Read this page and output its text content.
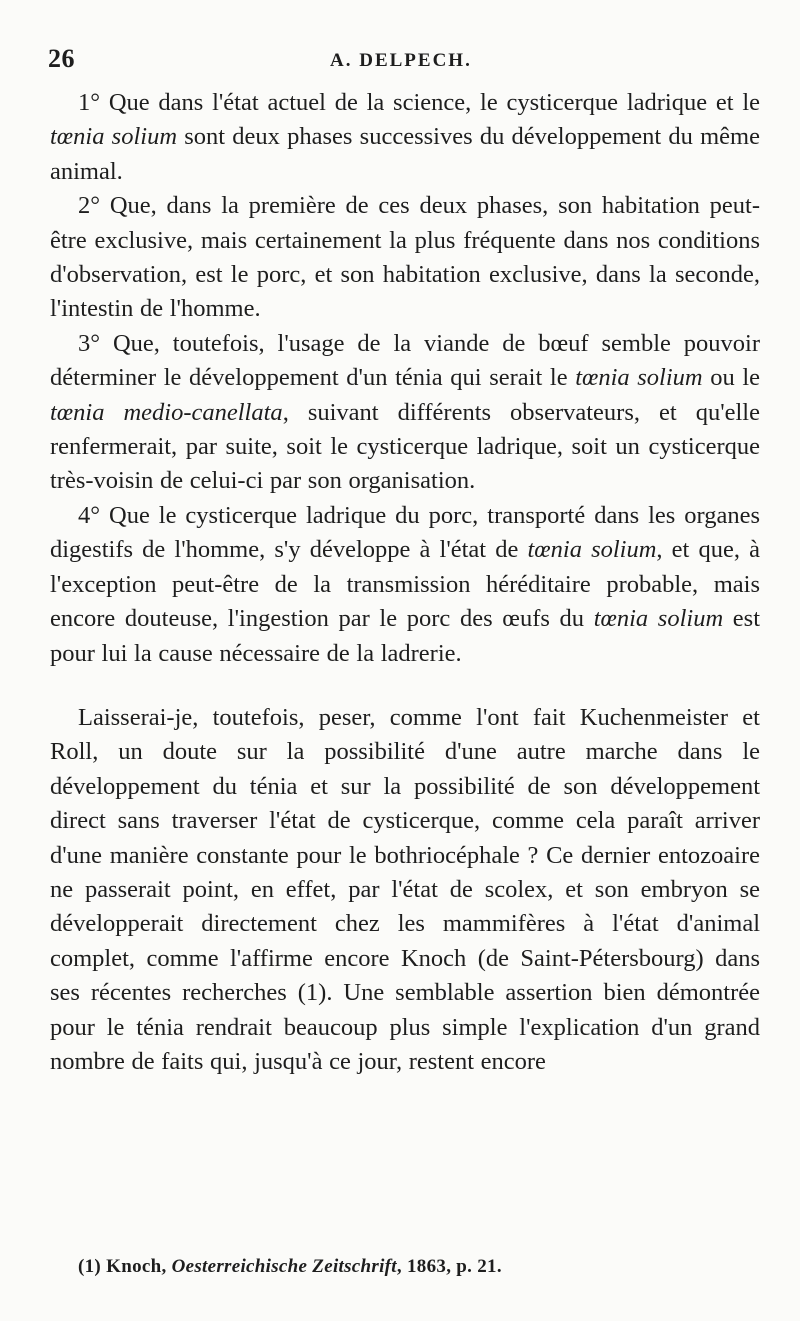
26	A. DELPECH.

1° Que dans l'état actuel de la science, le cysticerque ladrique et le tœnia solium sont deux phases successives du développement du même animal.

2° Que, dans la première de ces deux phases, son habitation peut-être exclusive, mais certainement la plus fréquente dans nos conditions d'observation, est le porc, et son habitation exclusive, dans la seconde, l'intestin de l'homme.

3° Que, toutefois, l'usage de la viande de bœuf semble pouvoir déterminer le développement d'un ténia qui serait le tœnia solium ou le tœnia medio-canellata, suivant différents observateurs, et qu'elle renfermerait, par suite, soit le cysticerque ladrique, soit un cysticerque très-voisin de celui-ci par son organisation.

4° Que le cysticerque ladrique du porc, transporté dans les organes digestifs de l'homme, s'y développe à l'état de tœnia solium, et que, à l'exception peut-être de la transmission héréditaire probable, mais encore douteuse, l'ingestion par le porc des œufs du tœnia solium est pour lui la cause nécessaire de la ladrerie.

Laisserai-je, toutefois, peser, comme l'ont fait Kuchenmeister et Roll, un doute sur la possibilité d'une autre marche dans le développement du ténia et sur la possibilité de son développement direct sans traverser l'état de cysticerque, comme cela paraît arriver d'une manière constante pour le bothriocéphale ? Ce dernier entozoaire ne passerait point, en effet, par l'état de scolex, et son embryon se développerait directement chez les mammifères à l'état d'animal complet, comme l'affirme encore Knoch (de Saint-Pétersbourg) dans ses récentes recherches (1). Une semblable assertion bien démontrée pour le ténia rendrait beaucoup plus simple l'explication d'un grand nombre de faits qui, jusqu'à ce jour, restent encore

(1) Knoch, Oesterreichische Zeitschrift, 1863, p. 21.
